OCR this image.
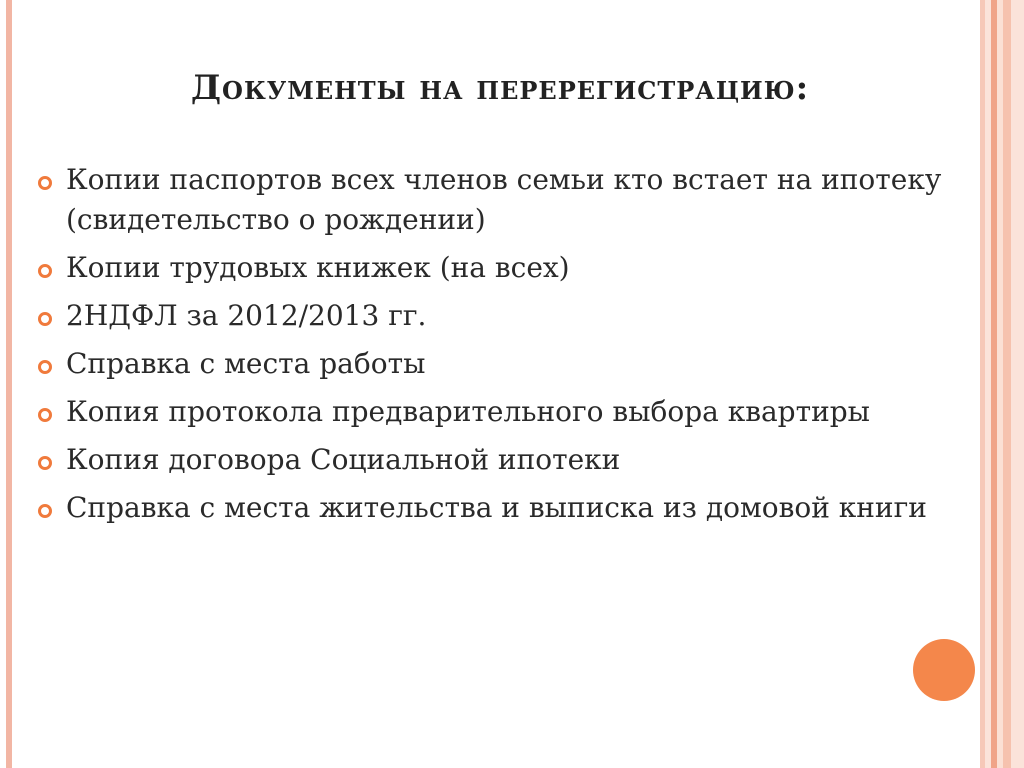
Документы на перерегистрацию:
Копии паспортов всех членов семьи кто встает на ипотеку (свидетельство о рождении)
Копии трудовых книжек (на всех)
2НДФЛ за 2012/2013 гг.
Справка с места работы
Копия протокола предварительного выбора квартиры
Копия договора Социальной ипотеки
Справка с места жительства и выписка из домовой книги
